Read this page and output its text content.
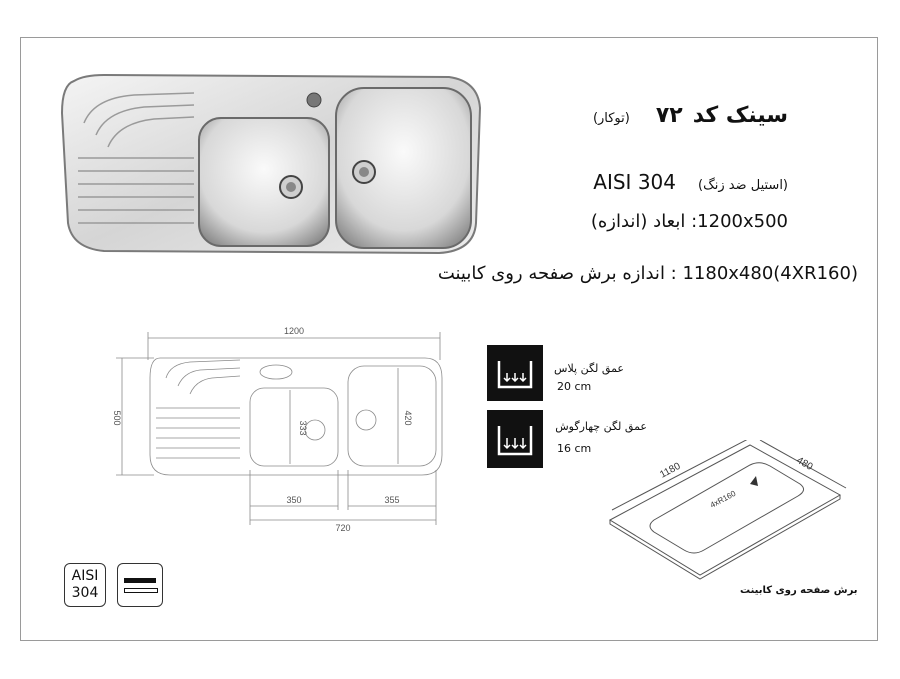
سینک کد
۷۲
(توکار)
(استیل ضد زنگ)
AISI 304
1200x500: ابعاد (اندازه)
(1180x480(4XR160 : اندازه برش صفحه روی کابینت
1200
500
333
420
350	355
720
عمق لگن پلاس
20 cm
عمق لگن چهارگوش
16 cm
1180	480
4xR160
برش صفحه روی کابینت
AISI
304
